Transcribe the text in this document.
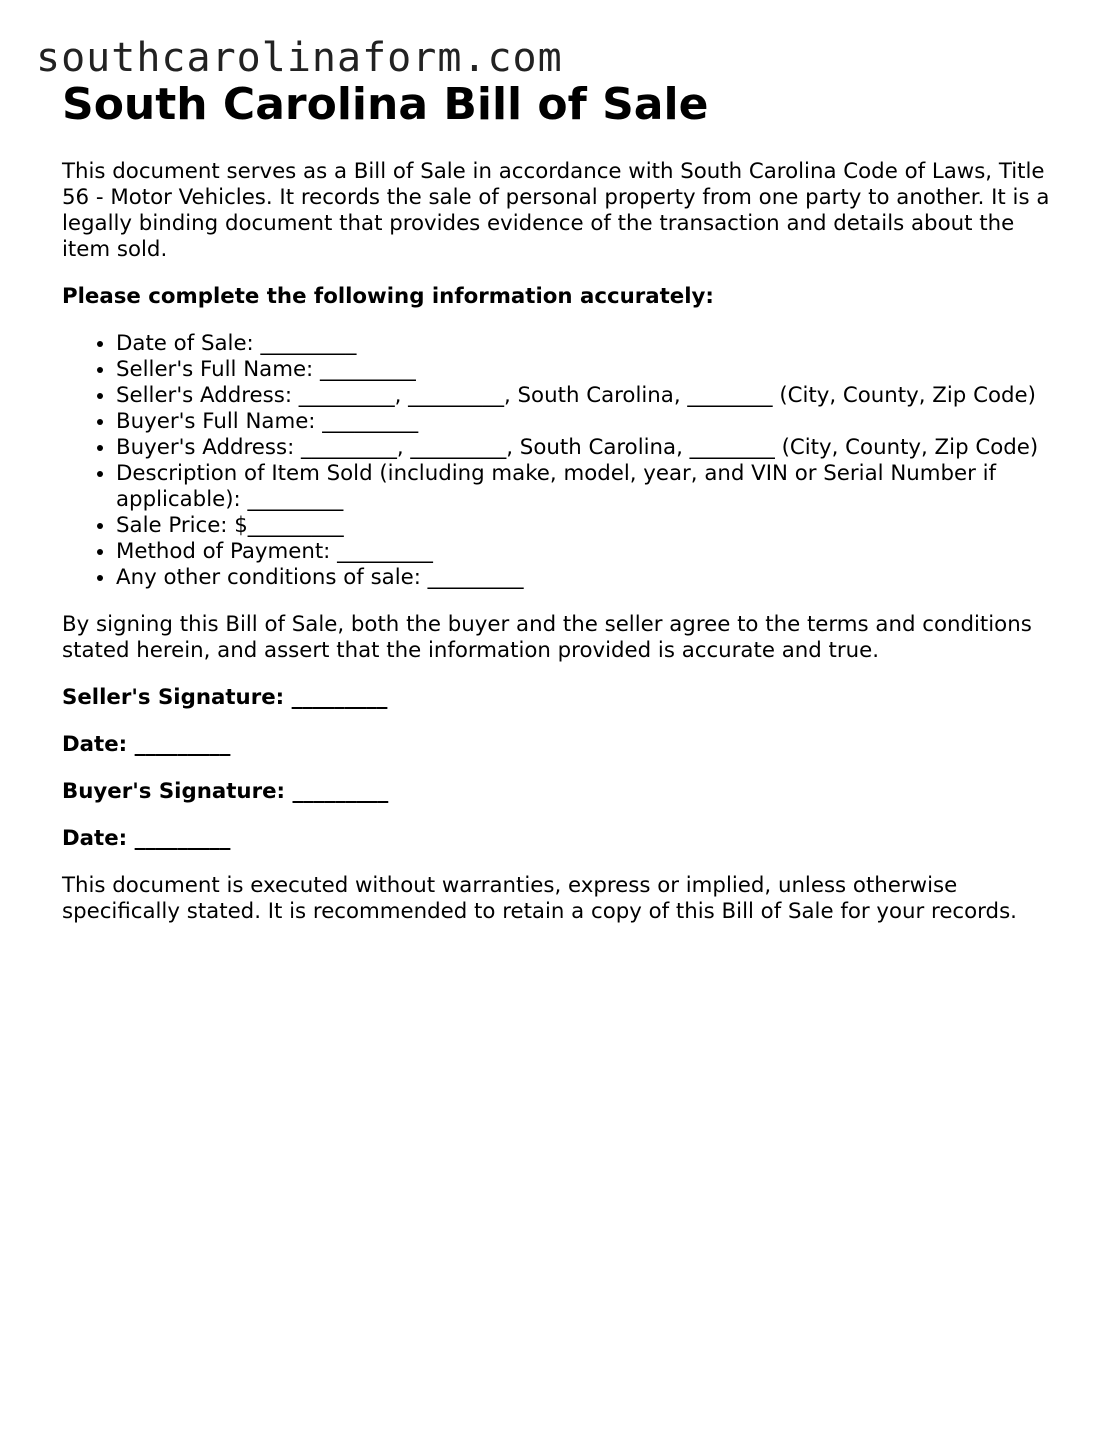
southcarolinaform.com
South Carolina Bill of Sale

This document serves as a Bill of Sale in accordance with South Carolina Code of Laws, Title 56 - Motor Vehicles. It records the sale of personal property from one party to another. It is a legally binding document that provides evidence of the transaction and details about the item sold.

Please complete the following information accurately:

• Date of Sale: _________
• Seller's Full Name: _________
• Seller's Address: _________, _________, South Carolina, ________ (City, County, Zip Code)
• Buyer's Full Name: _________
• Buyer's Address: _________, _________, South Carolina, ________ (City, County, Zip Code)
• Description of Item Sold (including make, model, year, and VIN or Serial Number if applicable): _________
• Sale Price: $_________
• Method of Payment: _________
• Any other conditions of sale: _________

By signing this Bill of Sale, both the buyer and the seller agree to the terms and conditions stated herein, and assert that the information provided is accurate and true.

Seller's Signature: _________

Date: _________

Buyer's Signature: _________

Date: _________

This document is executed without warranties, express or implied, unless otherwise specifically stated. It is recommended to retain a copy of this Bill of Sale for your records.
